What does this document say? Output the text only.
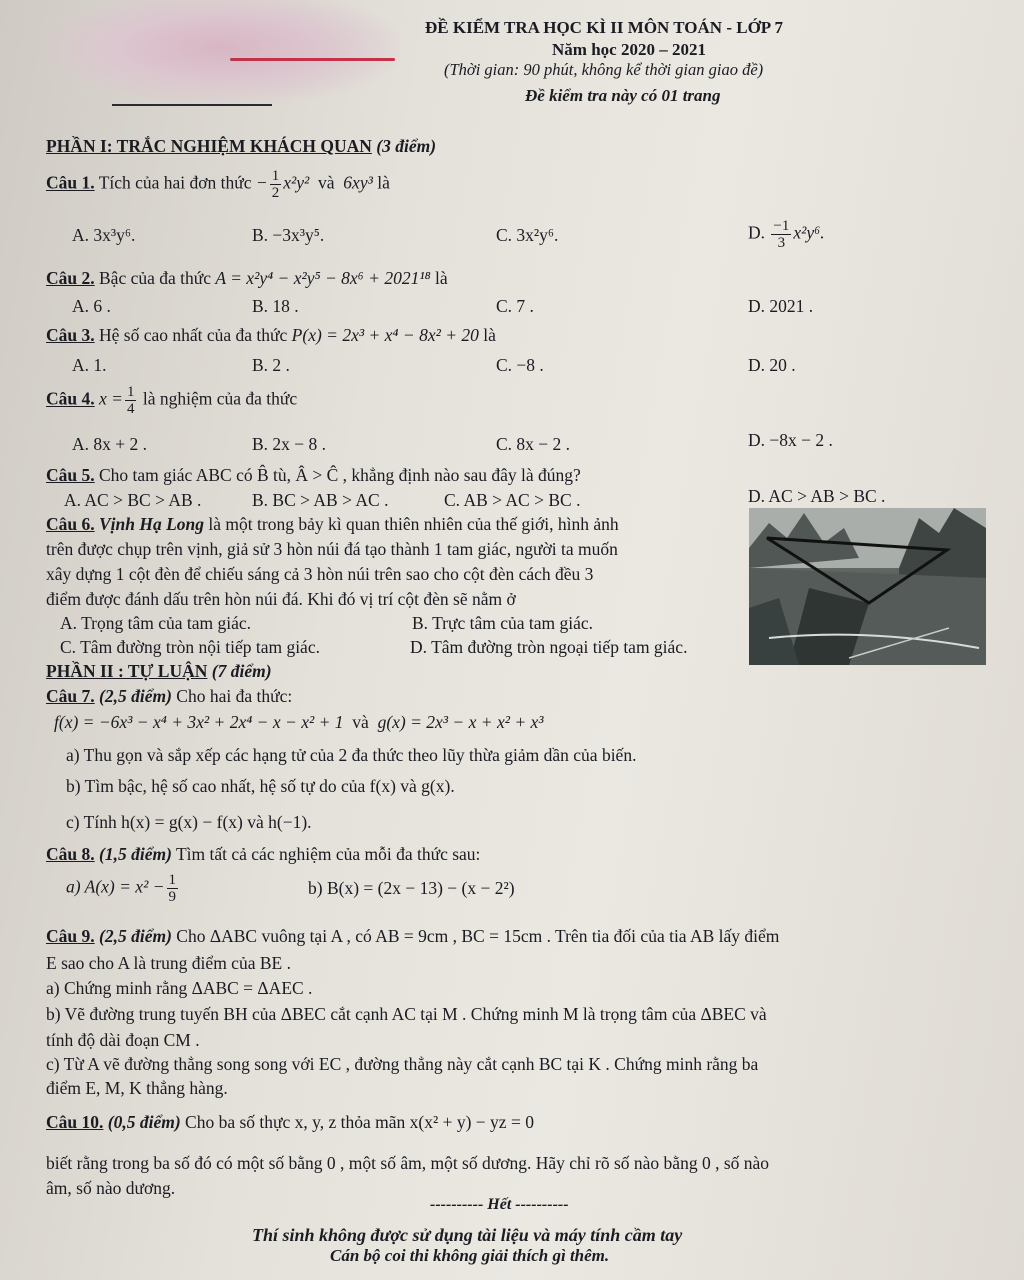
ĐỀ KIỂM TRA HỌC KÌ II MÔN TOÁN - LỚP 7
Năm học 2020 – 2021
(Thời gian: 90 phút, không kể thời gian giao đề)
Đề kiểm tra này có 01 trang
PHẦN I: TRẮC NGHIỆM KHÁCH QUAN (3 điểm)
Câu 1. Tích của hai đơn thức − $\frac{1}{2} x^2y^2$ và 6xy³ là
A. 3x³y⁶.	B. −3x³y⁵.	C. 3x²y⁶.	D. $\frac{-1}{3} x^2y^6$.
Câu 2. Bậc của đa thức A = x²y⁴ − x²y⁵ − 8x⁶ + 2021¹⁸ là
A. 6 .	B. 18 .	C. 7 .	D. 2021 .
Câu 3. Hệ số cao nhất của đa thức P(x) = 2x³ + x⁴ − 8x² + 20 là
A. 1.	B. 2 .	C. −8 .	D. 20 .
Câu 4. $x = \frac{1}{4}$ là nghiệm của đa thức
A. 8x + 2 .	B. 2x − 8 .	C. 8x − 2 .	D. −8x − 2 .
Câu 5. Cho tam giác ABC có B̂ tù, Â > Ĉ , khẳng định nào sau đây là đúng?
A. AC > BC > AB .	B. BC > AB > AC .	C. AB > AC > BC .	D. AC > AB > BC .
Câu 6. Vịnh Hạ Long là một trong bảy kì quan thiên nhiên của thế giới, hình ảnh
trên được chụp trên vịnh, giả sử 3 hòn núi đá tạo thành 1 tam giác, người ta muốn
xây dựng 1 cột đèn để chiếu sáng cả 3 hòn núi trên sao cho cột đèn cách đều 3
điểm được đánh dấu trên hòn núi đá. Khi đó vị trí cột đèn sẽ nằm ở
A. Trọng tâm của tam giác.	B. Trực tâm của tam giác.
C. Tâm đường tròn nội tiếp tam giác.	D. Tâm đường tròn ngoại tiếp tam giác.
PHẦN II : TỰ LUẬN (7 điểm)
Câu 7. (2,5 điểm) Cho hai đa thức:
f(x) = −6x³ − x⁴ + 3x² + 2x⁴ − x − x² + 1 và g(x) = 2x³ − x + x² + x³
a) Thu gọn và sắp xếp các hạng tử của 2 đa thức theo lũy thừa giảm dần của biến.
b) Tìm bậc, hệ số cao nhất, hệ số tự do của f(x) và g(x).
c) Tính h(x) = g(x) − f(x) và h(−1).
Câu 8. (1,5 điểm) Tìm tất cả các nghiệm của mỗi đa thức sau:
a) $A(x) = x^2 - \frac{1}{9}$	b) B(x) = (2x − 13) − (x − 2²)
Câu 9. (2,5 điểm) Cho ΔABC vuông tại A , có AB = 9cm , BC = 15cm . Trên tia đối của tia AB lấy điểm
E sao cho A là trung điểm của BE .
a) Chứng minh rằng ΔABC = ΔAEC .
b) Vẽ đường trung tuyến BH của ΔBEC cắt cạnh AC tại M . Chứng minh M là trọng tâm của ΔBEC và
tính độ dài đoạn CM .
c) Từ A vẽ đường thẳng song song với EC , đường thẳng này cắt cạnh BC tại K . Chứng minh rằng ba
điểm E, M, K thẳng hàng.
Câu 10. (0,5 điểm) Cho ba số thực x, y, z thỏa mãn x(x² + y) − yz = 0
biết rằng trong ba số đó có một số bằng 0 , một số âm, một số dương. Hãy chỉ rõ số nào bằng 0 , số nào
âm, số nào dương.
---------- Hết ----------
Thí sinh không được sử dụng tài liệu và máy tính cầm tay
Cán bộ coi thi không giải thích gì thêm.
